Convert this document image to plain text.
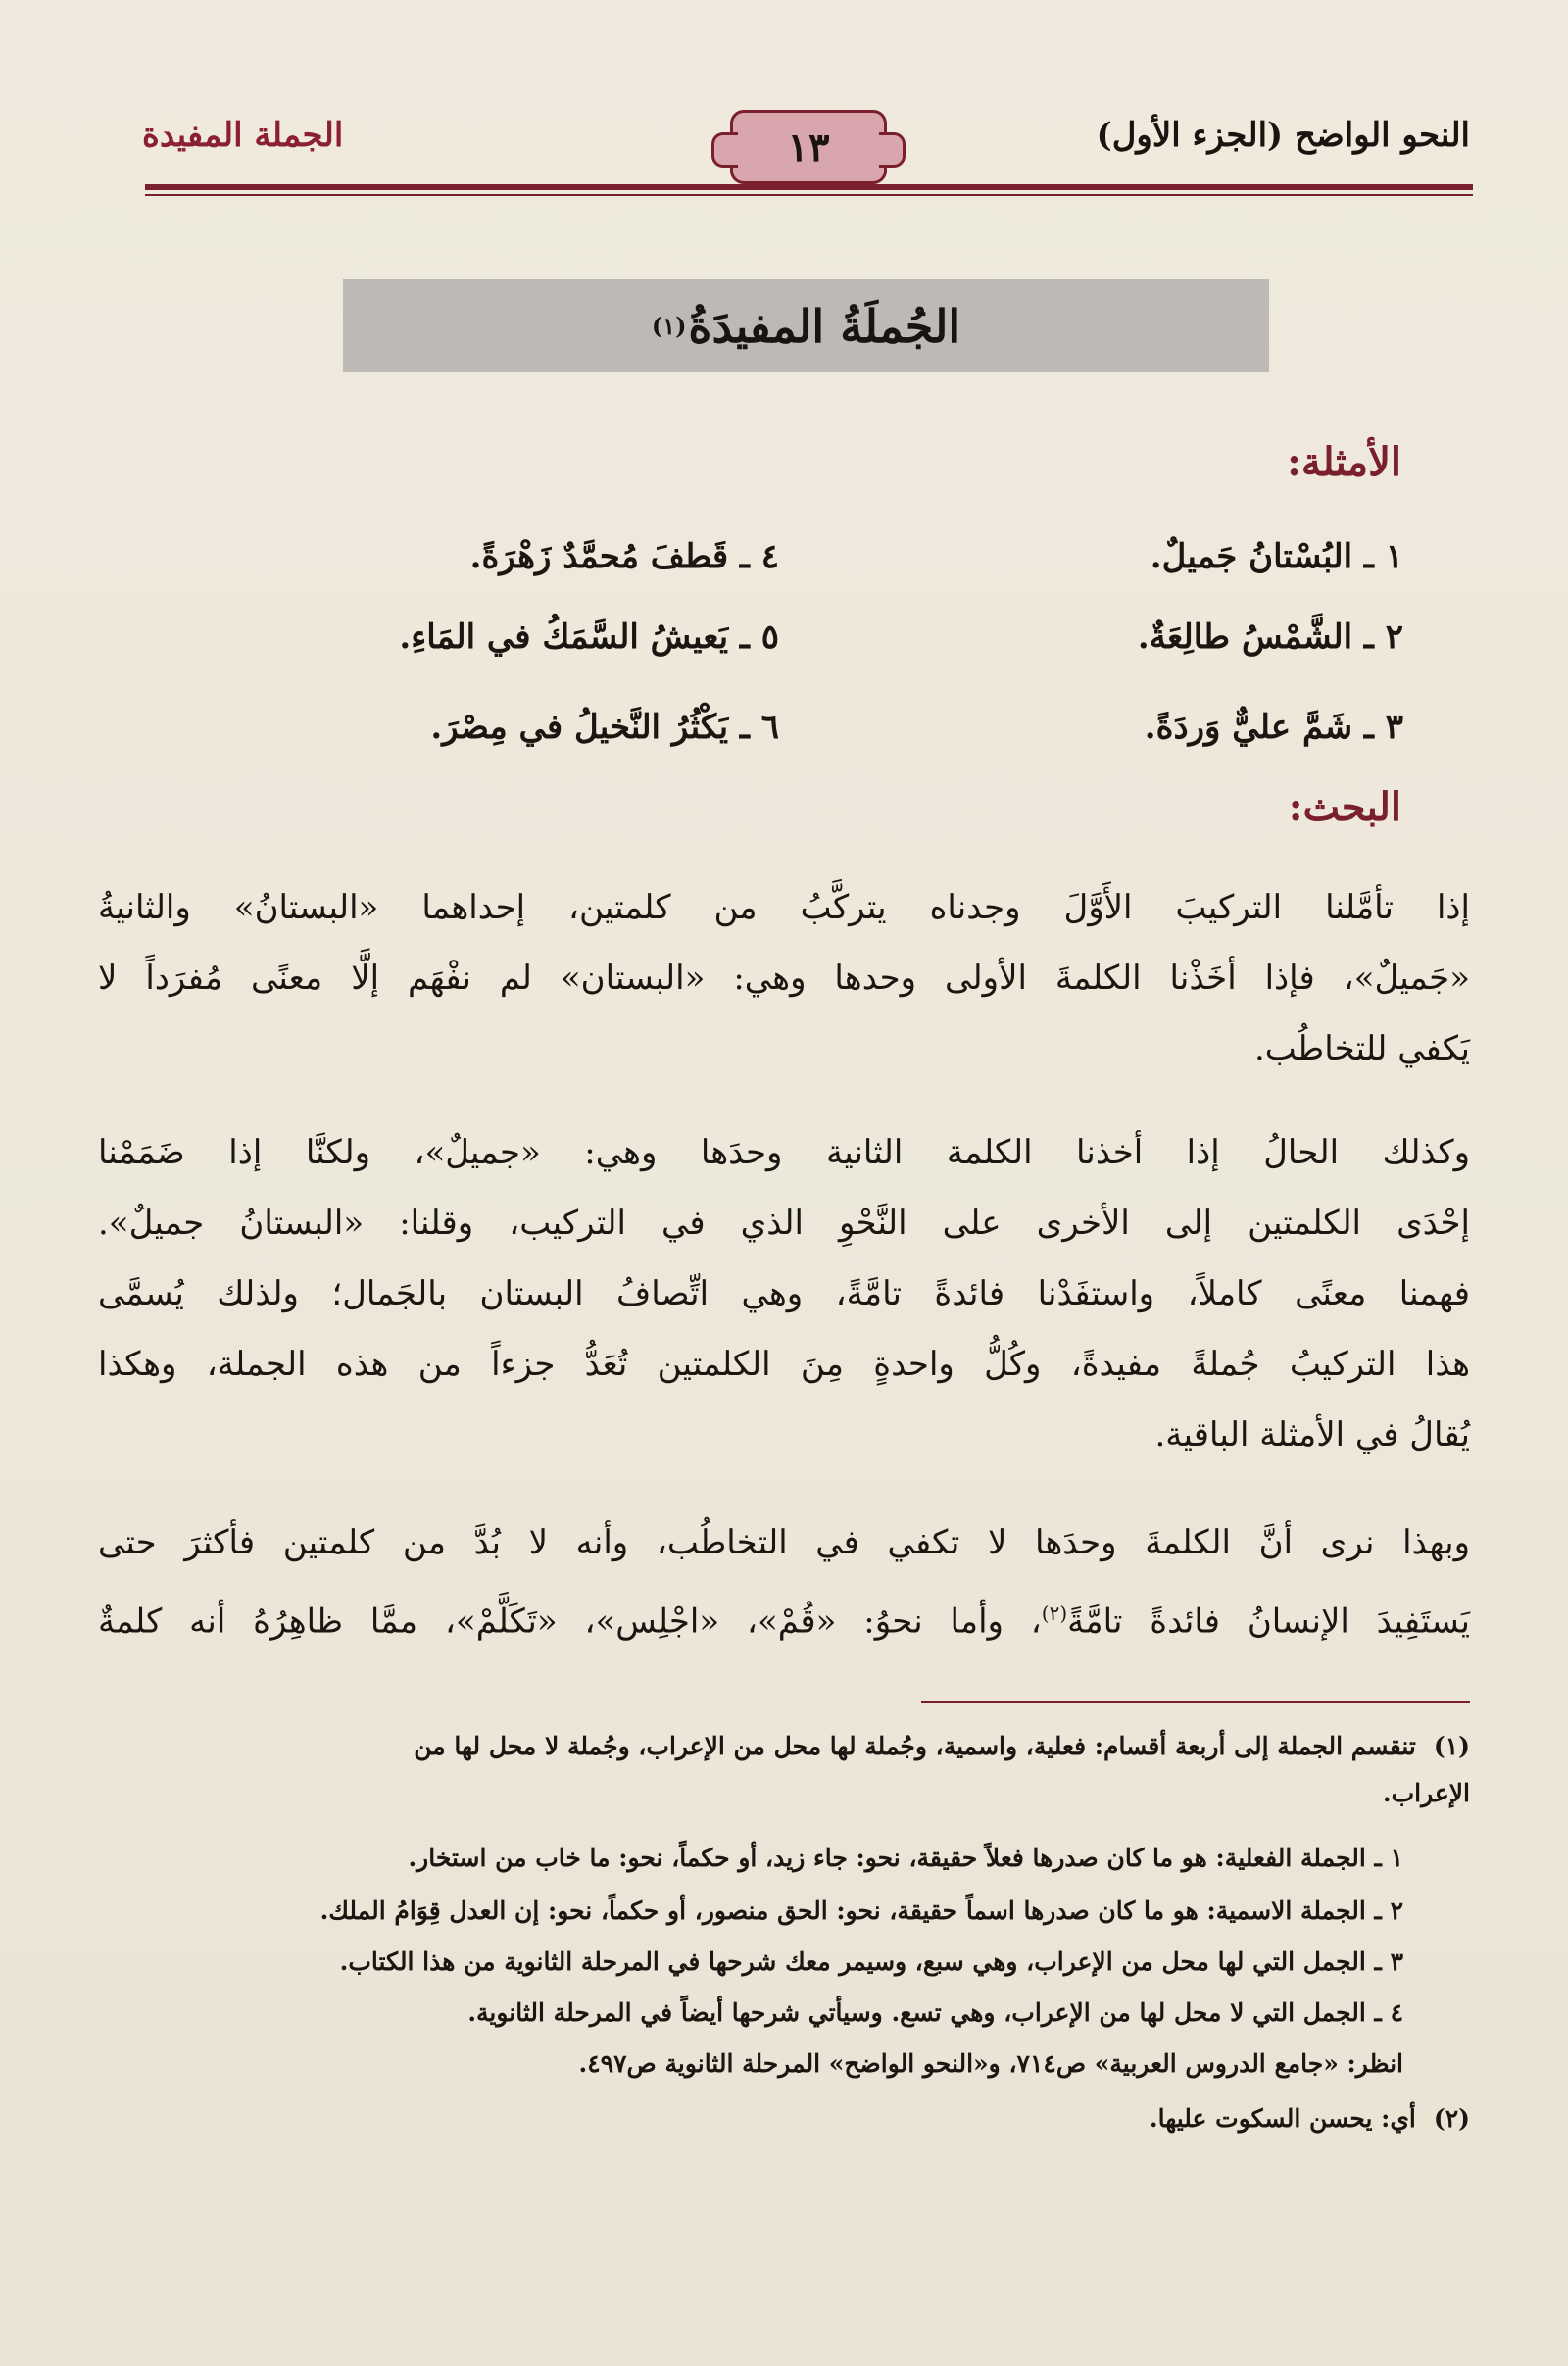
النحو الواضح (الجزء الأول)
١٣
الجملة المفيدة
الجُملَةُ المفيدَةُ
(١)
الأمثلة:
١ ـ البُسْتانُ جَميلٌ.
٢ ـ الشَّمْسُ طالِعَةٌ.
٣ ـ شَمَّ عليٌّ وَردَةً.
٤ ـ قَطفَ مُحمَّدٌ زَهْرَةً.
٥ ـ يَعيشُ السَّمَكُ في المَاءِ.
٦ ـ يَكْثُرُ النَّخيلُ في مِصْرَ.
البحث:
إذا تأمَّلنا التركيبَ الأَوَّلَ وجدناه يتركَّبُ من كلمتين، إحداهما «البستانُ» والثانيةُ
«جَميلٌ»، فإذا أخَذْنا الكلمةَ الأولى وحدها وهي: «البستان» لم نفْهَم إلَّا معنًى مُفرَداً لا
يَكفي للتخاطُب.
وكذلك الحالُ إذا أخذنا الكلمة الثانية وحدَها وهي: «جميلٌ»، ولكنَّا إذا ضَمَمْنا
إحْدَى الكلمتين إلى الأخرى على النَّحْوِ الذي في التركيب، وقلنا: «البستانُ جميلٌ».
فهمنا معنًى كاملاً، واستفَدْنا فائدةً تامَّةً، وهي اتِّصافُ البستان بالجَمال؛ ولذلك يُسمَّى
هذا التركيبُ جُملةً مفيدةً، وكُلُّ واحدةٍ مِنَ الكلمتين تُعَدُّ جزءاً من هذه الجملة، وهكذا
يُقالُ في الأمثلة الباقية.
وبهذا نرى أنَّ الكلمةَ وحدَها لا تكفي في التخاطُب، وأنه لا بُدَّ من كلمتين فأكثرَ حتى
يَستَفِيدَ الإنسانُ فائدةً تامَّةً$^{(٢)}$، وأما نحوُ: «قُمْ»، «اجْلِس»، «تَكَلَّمْ»، ممَّا ظاهِرُهُ أنه كلمةٌ
(١)تنقسم الجملة إلى أربعة أقسام: فعلية، واسمية، وجُملة لها محل من الإعراب، وجُملة لا محل لها من
الإعراب.
١ ـ الجملة الفعلية: هو ما كان صدرها فعلاً حقيقة، نحو: جاء زيد، أو حكماً، نحو: ما خاب من استخار.
٢ ـ الجملة الاسمية: هو ما كان صدرها اسماً حقيقة، نحو: الحق منصور، أو حكماً، نحو: إن العدل قِوَامُ الملك.
٣ ـ الجمل التي لها محل من الإعراب، وهي سبع، وسيمر معك شرحها في المرحلة الثانوية من هذا الكتاب.
٤ ـ الجمل التي لا محل لها من الإعراب، وهي تسع. وسيأتي شرحها أيضاً في المرحلة الثانوية.
انظر: «جامع الدروس العربية» ص٧١٤، و«النحو الواضح» المرحلة الثانوية ص٤٩٧.
(٢)أي: يحسن السكوت عليها.
